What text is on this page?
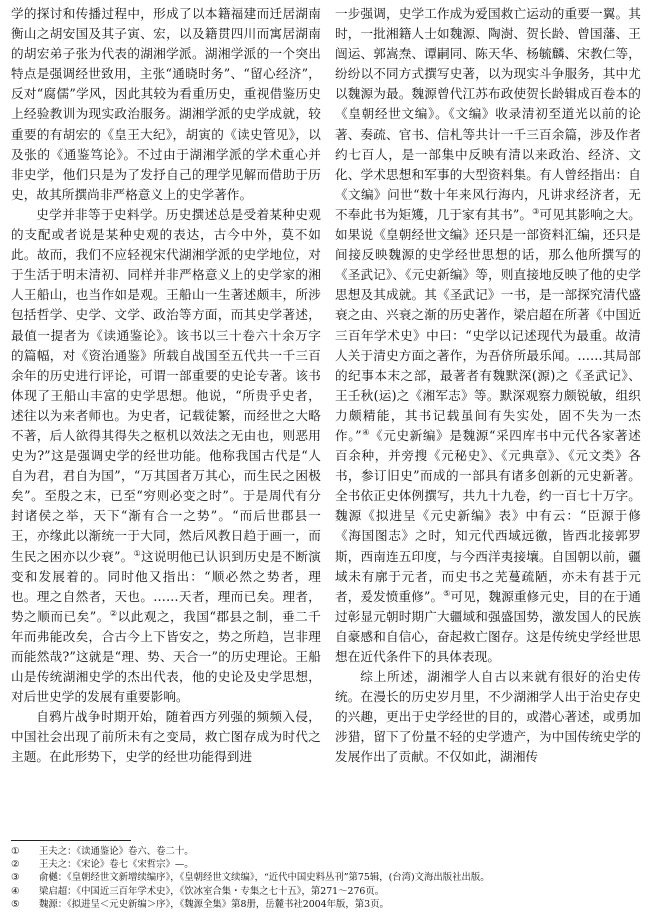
学的探讨和传播过程中，形成了以本籍福建而迁居湖南衡山之胡安国及其子寅、宏，以及籍贯四川而寓居湖南的胡宏弟子张为代表的湖湘学派。湖湘学派的一个突出特点是强调经世致用，主张“通晓时务”、“留心经济”，反对“腐儒”学风，因此其较为看重历史，重视借鉴历史上经验教训为现实政治服务。湖湘学派的史学成就，较重要的有胡宏的《皇王大纪》，胡寅的《读史管见》，以及张的《通鉴笃论》。不过由于湖湘学派的学术重心并非史学，他们只是为了发抒自己的理学见解而借助于历史，故其所撰尚非严格意义上的史学著作。

史学并非等于史料学。历史撰述总是受着某种史观的支配或者说是某种史观的表达，古今中外，莫不如此。故而，我们不应轻视宋代湖湘学派的史学地位，对于生活于明末清初、同样并非严格意义上的史学家的湘人王船山，也当作如是观。王船山一生著述颇丰，所涉包括哲学、史学、文学、政治等方面，而其史学著述，最值一提者为《读通鉴论》。该书以三十卷六十余万字的篇幅，对《资治通鉴》所载自战国至五代共一千三百余年的历史进行评论，可谓一部重要的史论专著。该书体现了王船山丰富的史学思想。他说，“所贵乎史者，述往以为来者师也。为史者，记载徒繁，而经世之大略不著，后人欲得其得失之枢机以效法之无由也，则恶用史为?”这是强调史学的经世功能。他称我国古代是“人自为君，君自为国”，“万其国者万其心，而生民之困极矣”。至殷之末，已至“穷则必变之时”。于是周代有分封诸侯之举，天下“渐有合一之势”。“而后世郡县一王，亦缘此以渐统一于大同，然后风教日趋于画一，而生民之困亦以少衰”。①这说明他已认识到历史是不断演变和发展着的。同时他又指出：“顺必然之势者，理也。理之自然者，天也。……天者，理而已矣。理者，势之顺而已矣”。②以此观之，我国“郡县之制，垂二千年而弗能改矣，合古今上下皆安之，势之所趋，岂非理而能然哉?”这就是“理、势、天合一”的历史理论。王船山是传统湖湘史学的杰出代表，他的史论及史学思想，对后世史学的发展有重要影响。

自鸦片战争时期开始，随着西方列强的频频入侵，中国社会出现了前所未有之变局，救亡图存成为时代之主题。在此形势下，史学的经世功能得到进

一步强调，史学工作成为爱国救亡运动的重要一翼。其时，一批湘籍人士如魏源、陶澍、贺长龄、曾国藩、王闿运、郭嵩焘、谭嗣同、陈天华、杨毓麟、宋教仁等，纷纷以不同方式撰写史著，以为现实斗争服务，其中尤以魏源为最。魏源曾代江苏布政使贺长龄辑成百卷本的《皇朝经世文编》。《文编》收录清初至道光以前的论著、奏疏、官书、信札等共计一千三百余篇，涉及作者约七百人，是一部集中反映有清以来政治、经济、文化、学术思想和军事的大型资料集。有人曾经指出：自《文编》问世“数十年来风行海内，凡讲求经济者，无不奉此书为矩矱，几于家有其书”。③可见其影响之大。如果说《皇朝经世文编》还只是一部资料汇编，还只是间接反映魏源的史学经世思想的话，那么他所撰写的《圣武记》、《元史新编》等，则直接地反映了他的史学思想及其成就。其《圣武记》一书，是一部探究清代盛衰之由、兴衰之渐的历史著作，梁启超在所著《中国近三百年学术史》中曰：“史学以记述现代为最重。故清人关于清史方面之著作，为吾侪所最乐闻。……其局部的纪事本末之部，最著者有魏默深(源)之《圣武记》、王壬秋(运)之《湘军志》等。默深观察力颇锐敏，组织力颇精能，其书记载虽间有失实处，固不失为一杰作。”④《元史新编》是魏源“采四库书中元代各家著述百余种，并旁搜《元秘史》、《元典章》、《元文类》各书，参订旧史”而成的一部具有诸多创新的元史新著。全书依正史体例撰写，共九十九卷，约一百七十万字。魏源《拟进呈《元史新编》表》中有云：“臣源于修《海国图志》之时，知元代西域远徼，皆西北接郭罗斯，西南连五印度，与今西洋夷接壤。自国朝以前，疆域未有廓于元者，而史书之芜蔓疏陋，亦未有甚于元者，爰发愤重修”。⑤可见，魏源重修元史，目的在于通过彰显元朝时期广大疆域和强盛国势，激发国人的民族自豪感和自信心，奋起救亡图存。这是传统史学经世思想在近代条件下的具体表现。

综上所述，湖湘学人自古以来就有很好的治史传统。在漫长的历史岁月里，不少湖湘学人出于治史存史的兴趣，更出于史学经世的目的，或潜心著述，或勇加涉猎，留下了份量不轻的史学遗产，为中国传统史学的发展作出了贡献。不仅如此，湖湘传

①	王夫之：《读通鉴论》卷六、卷二十。
②	王夫之：《宋论》卷七《宋哲宗》—。
③	俞樾：《皇朝经世文新增续编序》，《皇朝经世文续编》，“近代中国史料丛刊”第75辑，(台湾)文海出版社出版。
④	梁启超：《中国近三百年学术史》，《饮冰室合集・专集之七十五》，第271～276页。
⑤	魏源：《拟进呈＜元史新编＞序》，《魏源全集》第8册，岳麓书社2004年版，第3页。
